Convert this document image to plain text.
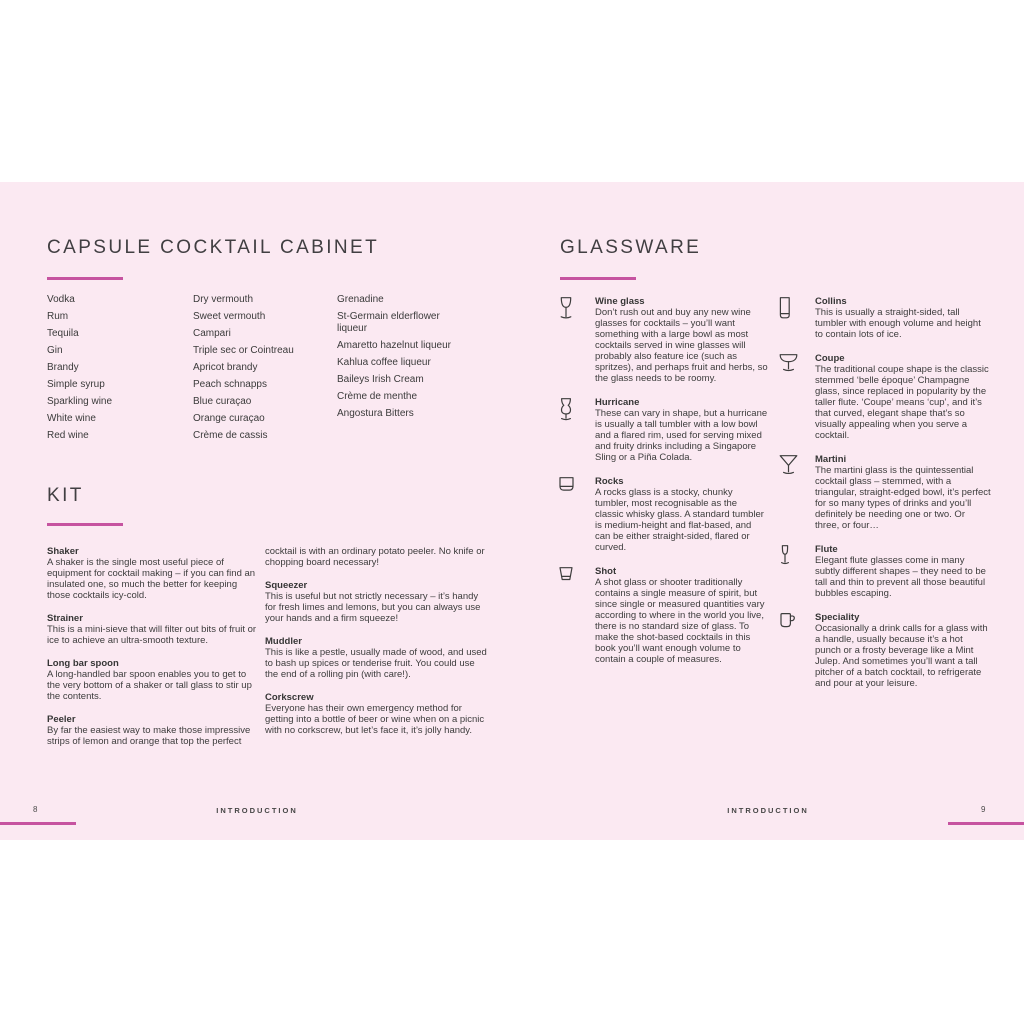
CAPSULE COCKTAIL CABINET
Vodka
Rum
Tequila
Gin
Brandy
Simple syrup
Sparkling wine
White wine
Red wine
Dry vermouth
Sweet vermouth
Campari
Triple sec or Cointreau
Apricot brandy
Peach schnapps
Blue curaçao
Orange curaçao
Crème de cassis
Grenadine
St-Germain elderflower liqueur
Amaretto hazelnut liqueur
Kahlua coffee liqueur
Baileys Irish Cream
Crème de menthe
Angostura Bitters
KIT
Shaker
A shaker is the single most useful piece of equipment for cocktail making – if you can find an insulated one, so much the better for keeping those cocktails icy-cold.
Strainer
This is a mini-sieve that will filter out bits of fruit or ice to achieve an ultra-smooth texture.
Long bar spoon
A long-handled bar spoon enables you to get to the very bottom of a shaker or tall glass to stir up the contents.
Peeler
By far the easiest way to make those impressive strips of lemon and orange that top the perfect
cocktail is with an ordinary potato peeler. No knife or chopping board necessary!
Squeezer
This is useful but not strictly necessary – it’s handy for fresh limes and lemons, but you can always use your hands and a firm squeeze!
Muddler
This is like a pestle, usually made of wood, and used to bash up spices or tenderise fruit. You could use the end of a rolling pin (with care!).
Corkscrew
Everyone has their own emergency method for getting into a bottle of beer or wine when on a picnic with no corkscrew, but let’s face it, it’s jolly handy.
GLASSWARE
Wine glass
Don’t rush out and buy any new wine glasses for cocktails – you’ll want something with a large bowl as most cocktails served in wine glasses will probably also feature ice (such as spritzes), and perhaps fruit and herbs, so the glass needs to be roomy.
Hurricane
These can vary in shape, but a hurricane is usually a tall tumbler with a low bowl and a flared rim, used for serving mixed and fruity drinks including a Singapore Sling or a Piña Colada.
Rocks
A rocks glass is a stocky, chunky tumbler, most recognisable as the classic whisky glass. A standard tumbler is medium-height and flat-based, and can be either straight-sided, flared or curved.
Shot
A shot glass or shooter traditionally contains a single measure of spirit, but since single or measured quantities vary according to where in the world you live, there is no standard size of glass. To make the shot-based cocktails in this book you’ll want enough volume to contain a couple of measures.
Collins
This is usually a straight-sided, tall tumbler with enough volume and height to contain lots of ice.
Coupe
The traditional coupe shape is the classic stemmed ‘belle époque’ Champagne glass, since replaced in popularity by the taller flute. ‘Coupe’ means ‘cup’, and it’s that curved, elegant shape that’s so visually appealing when you serve a cocktail.
Martini
The martini glass is the quintessential cocktail glass – stemmed, with a triangular, straight-edged bowl, it’s perfect for so many types of drinks and you’ll definitely be needing one or two. Or three, or four…
Flute
Elegant flute glasses come in many subtly different shapes – they need to be tall and thin to prevent all those beautiful bubbles escaping.
Speciality
Occasionally a drink calls for a glass with a handle, usually because it’s a hot punch or a frosty beverage like a Mint Julep. And sometimes you’ll want a tall pitcher of a batch cocktail, to refrigerate and pour at your leisure.
8	INTRODUCTION	INTRODUCTION	9
